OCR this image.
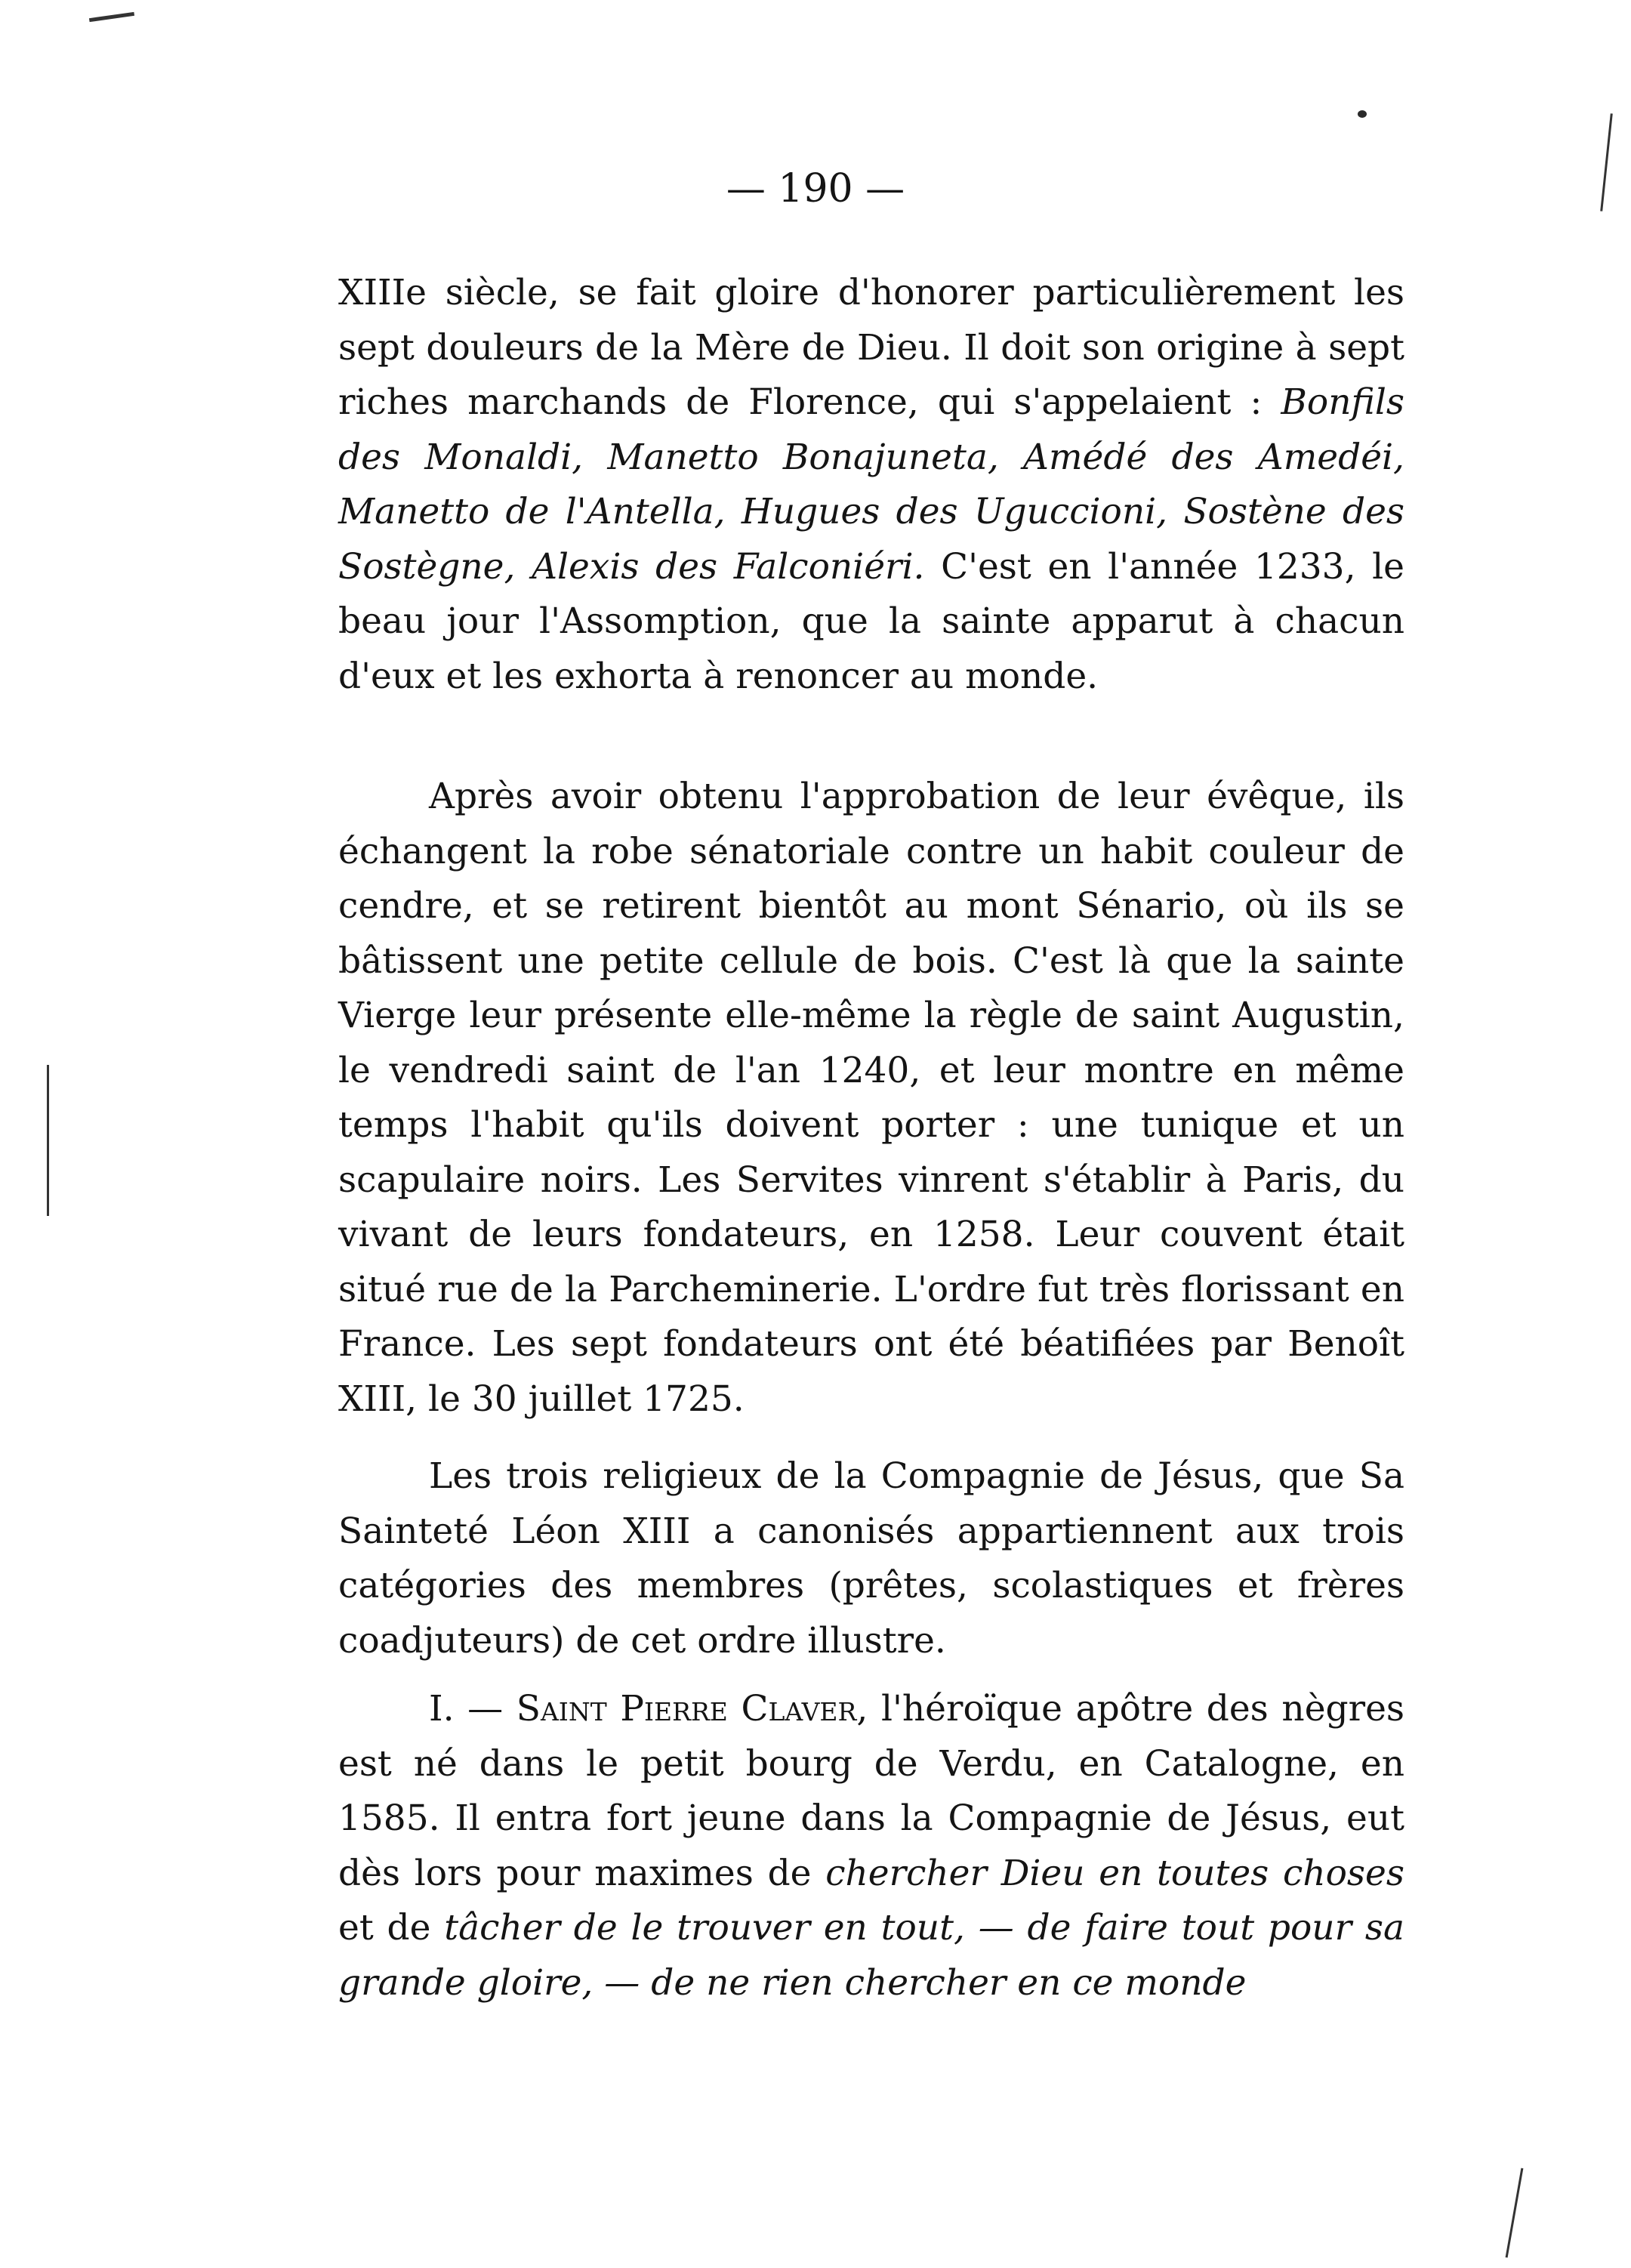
— 190 —

XIIIe siècle, se fait gloire d'honorer particulièrement les sept douleurs de la Mère de Dieu. Il doit son origine à sept riches marchands de Florence, qui s'appelaient : Bonfils des Monaldi, Manetto Bonajuneta, Amédé des Amedéi, Manetto de l'Antella, Hugues des Uguccioni, Sostène des Sostègne, Alexis des Falconiéri. C'est en l'année 1233, le beau jour l'Assomption, que la sainte apparut à chacun d'eux et les exhorta à renoncer au monde.

Après avoir obtenu l'approbation de leur évêque, ils échangent la robe sénatoriale contre un habit couleur de cendre, et se retirent bientôt au mont Sénario, où ils se bâtissent une petite cellule de bois. C'est là que la sainte Vierge leur présente elle-même la règle de saint Augustin, le vendredi saint de l'an 1240, et leur montre en même temps l'habit qu'ils doivent porter : une tunique et un scapulaire noirs. Les Servites vinrent s'établir à Paris, du vivant de leurs fondateurs, en 1258. Leur couvent était situé rue de la Parcheminerie. L'ordre fut très florissant en France. Les sept fondateurs ont été béatifiées par Benoît XIII, le 30 juillet 1725.

Les trois religieux de la Compagnie de Jésus, que Sa Sainteté Léon XIII a canonisés appartiennent aux trois catégories des membres (prêtes, scolastiques et frères coadjuteurs) de cet ordre illustre.

I. — Saint Pierre Claver, l'héroïque apôtre des nègres est né dans le petit bourg de Verdu, en Catalogne, en 1585. Il entra fort jeune dans la Compagnie de Jésus, eut dès lors pour maximes de chercher Dieu en toutes choses et de tâcher de le trouver en tout, — de faire tout pour sa grande gloire, — de ne rien chercher en ce monde
